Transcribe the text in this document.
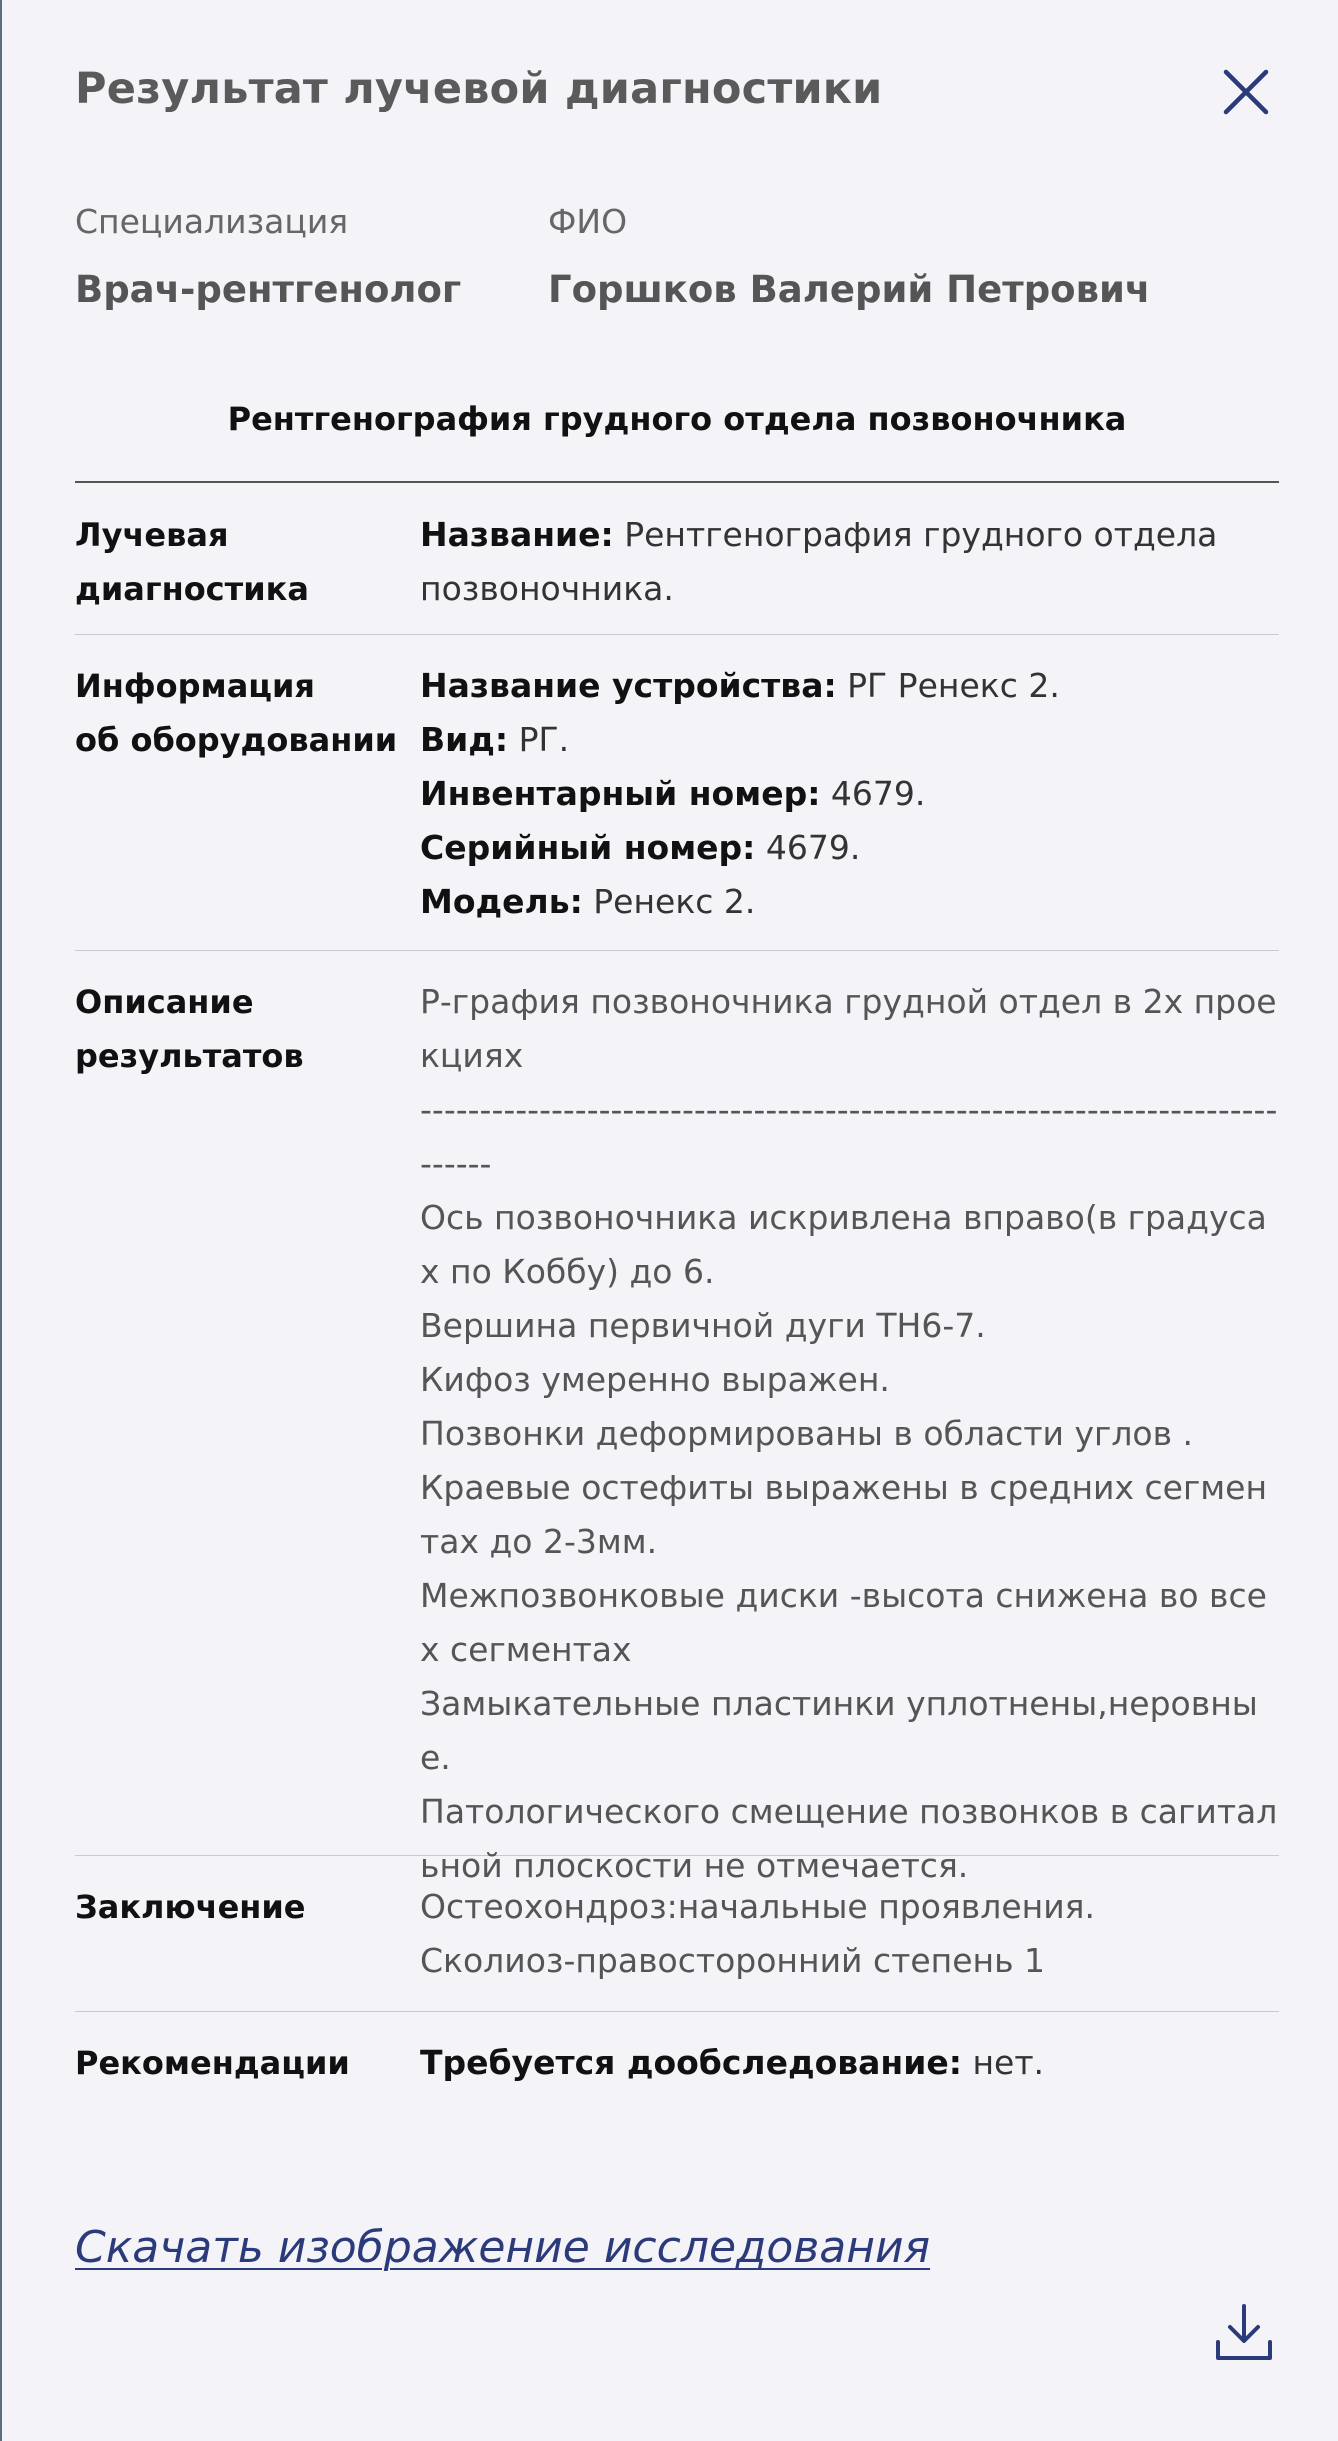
Результат лучевой диагностики
Специализация
Врач-рентгенолог
ФИО
Горшков Валерий Петрович
Рентгенография грудного отдела позвоночника
Лучевая
диагностика
Название: Рентгенография грудного отдела позвоночника.
Информация
об оборудовании
Название устройства: РГ Ренекс 2.
Вид: РГ.
Инвентарный номер: 4679.
Серийный номер: 4679.
Модель: Ренекс 2.
Описание
результатов
Р-графия позвоночника грудной отдел в 2х проекциях
------------------------------------------------------------------------------
Ось позвоночника искривлена вправо(в градусах по Коббу) до 6.
Вершина первичной дуги ТН6-7.
Кифоз умеренно выражен.
Позвонки деформированы в области углов .
Краевые остефиты выражены в средних сегментах до 2-3мм.
Межпозвонковые диски -высота снижена во всех сегментах
Замыкательные пластинки уплотнены,неровные.
Патологического смещение позвонков в сагитальной плоскости не отмечается.
Заключение	Остеохондроз:начальные проявления.
Сколиоз-правосторонний степень 1
Рекомендации	Требуется дообследование: нет.
Скачать изображение исследования
